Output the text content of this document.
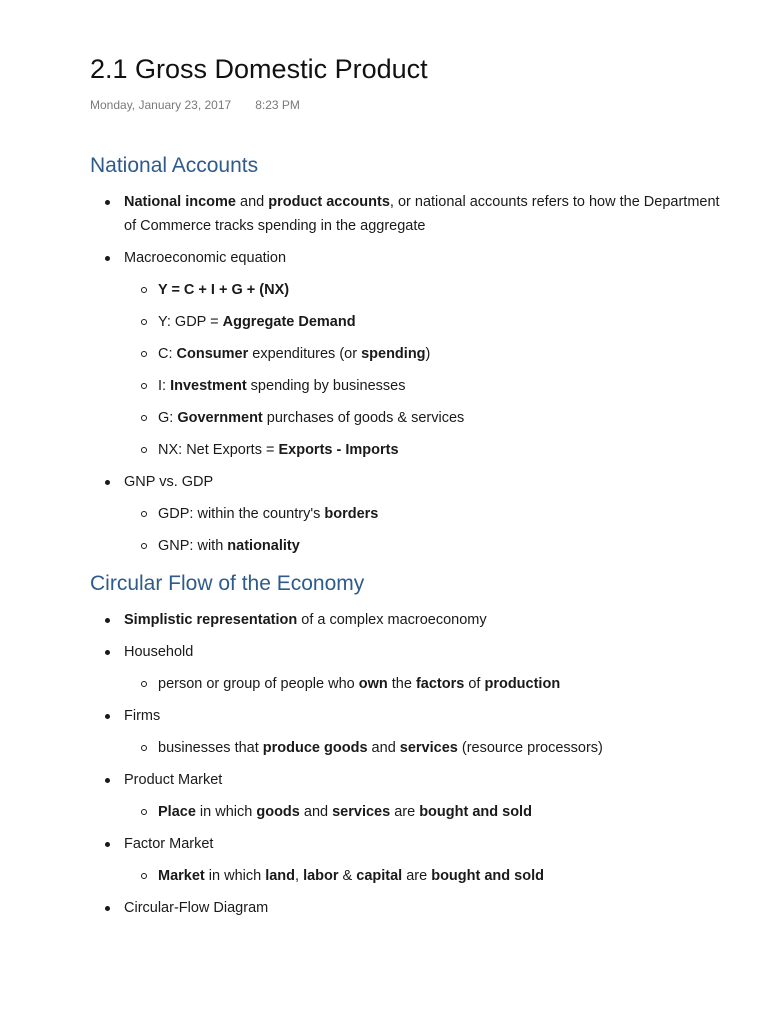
2.1 Gross Domestic Product
Monday, January 23, 2017 8:23 PM
National Accounts
National income and product accounts, or national accounts refers to how the Department of Commerce tracks spending in the aggregate
Macroeconomic equation
Y = C + I + G + (NX)
Y: GDP = Aggregate Demand
C: Consumer expenditures (or spending)
I: Investment spending by businesses
G: Government purchases of goods & services
NX: Net Exports = Exports - Imports
GNP vs. GDP
GDP: within the country's borders
GNP: with nationality
Circular Flow of the Economy
Simplistic representation of a complex macroeconomy
Household
person or group of people who own the factors of production
Firms
businesses that produce goods and services (resource processors)
Product Market
Place in which goods and services are bought and sold
Factor Market
Market in which land, labor & capital are bought and sold
Circular-Flow Diagram
